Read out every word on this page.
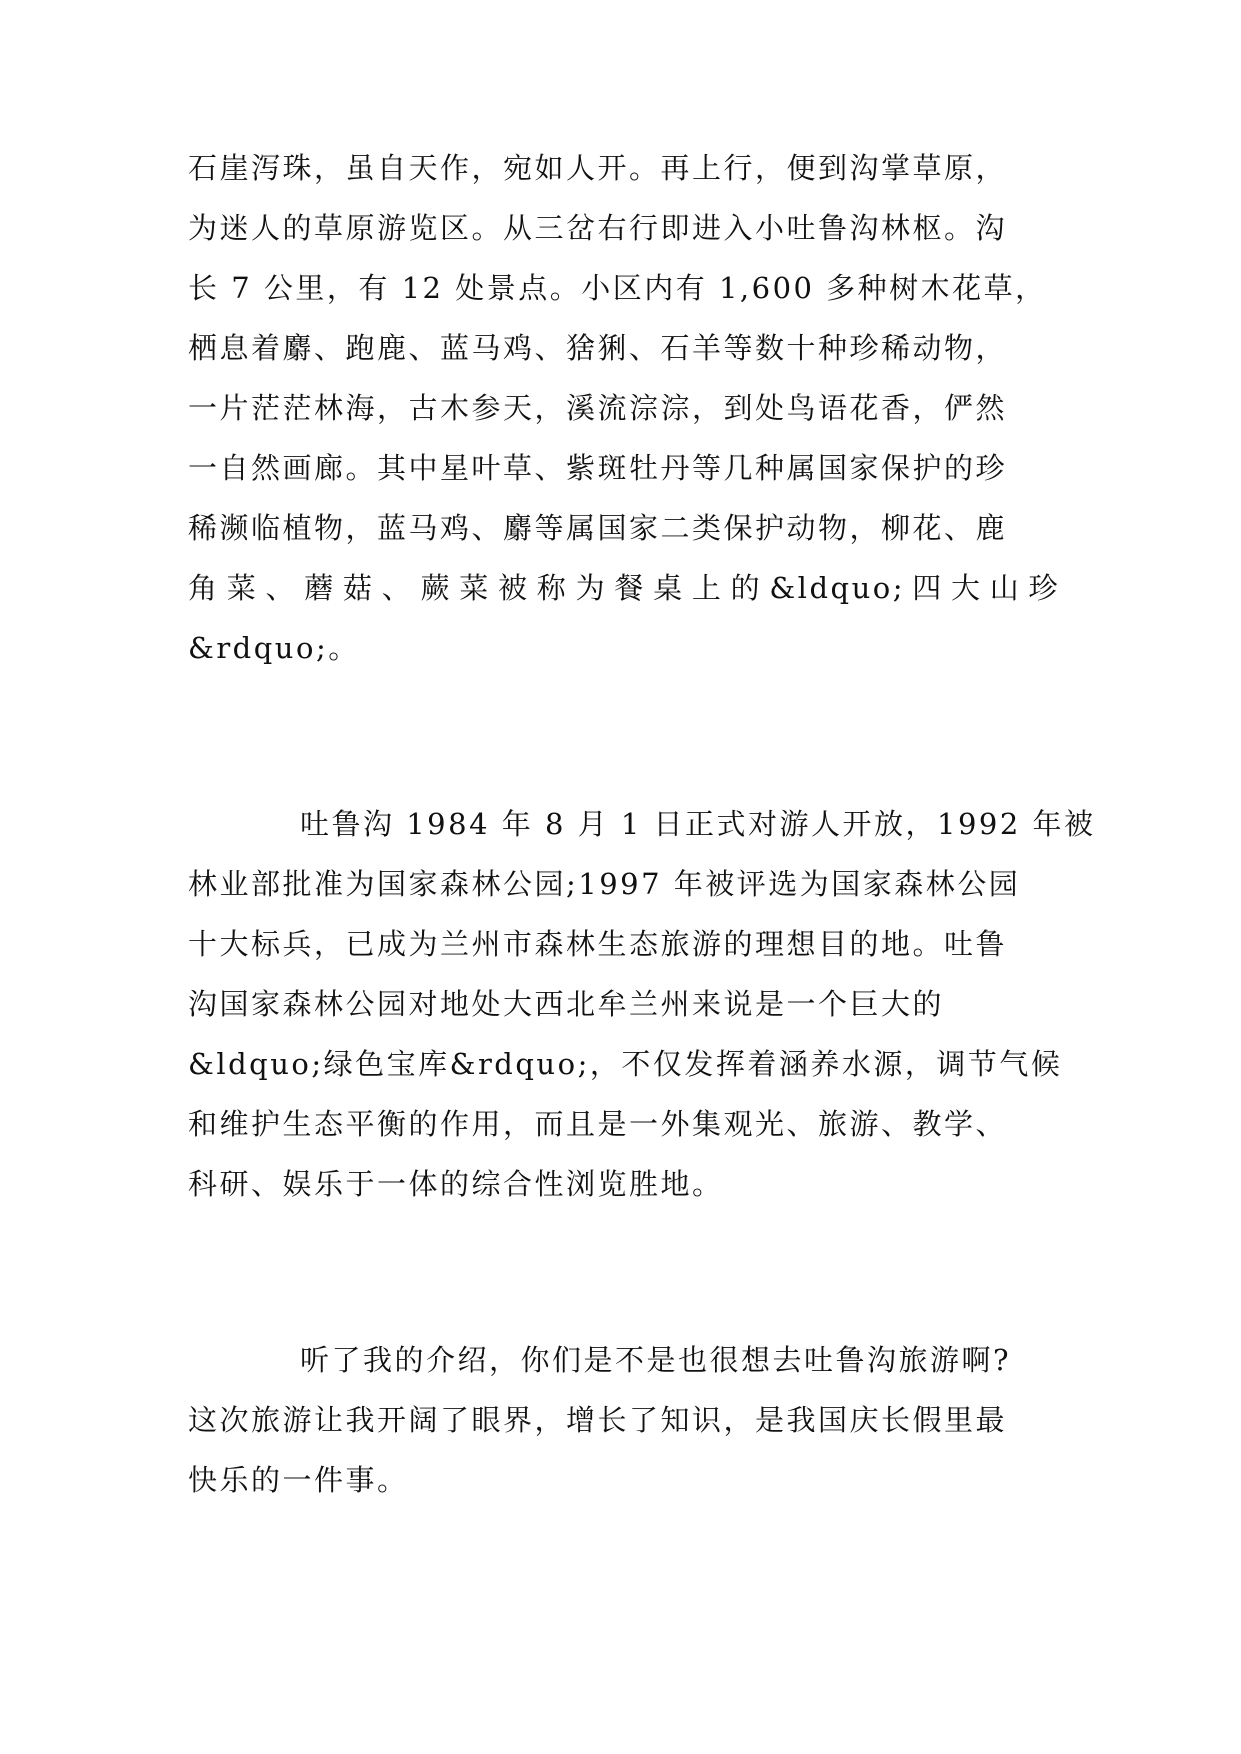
石崖泻珠，虽自天作，宛如人开。再上行，便到沟掌草原，
为迷人的草原游览区。从三岔右行即进入小吐鲁沟林枢。沟
长 7 公里，有 12 处景点。小区内有 1,600 多种树木花草，
栖息着麝、跑鹿、蓝马鸡、猞猁、石羊等数十种珍稀动物，
一片茫茫林海，古木参天，溪流淙淙，到处鸟语花香，俨然
一自然画廊。其中星叶草、紫斑牡丹等几种属国家保护的珍
稀濒临植物，蓝马鸡、麝等属国家二类保护动物，柳花、鹿
角菜、蘑菇、蕨菜被称为餐桌上的&ldquo;四大山珍
&rdquo;。
吐鲁沟 1984 年 8 月 1 日正式对游人开放，1992 年被
林业部批准为国家森林公园;1997 年被评选为国家森林公园
十大标兵，已成为兰州市森林生态旅游的理想目的地。吐鲁
沟国家森林公园对地处大西北牟兰州来说是一个巨大的
&ldquo;绿色宝库&rdquo;，不仅发挥着涵养水源，调节气候
和维护生态平衡的作用，而且是一外集观光、旅游、教学、
科研、娱乐于一体的综合性浏览胜地。
听了我的介绍，你们是不是也很想去吐鲁沟旅游啊?
这次旅游让我开阔了眼界，增长了知识，是我国庆长假里最
快乐的一件事。
